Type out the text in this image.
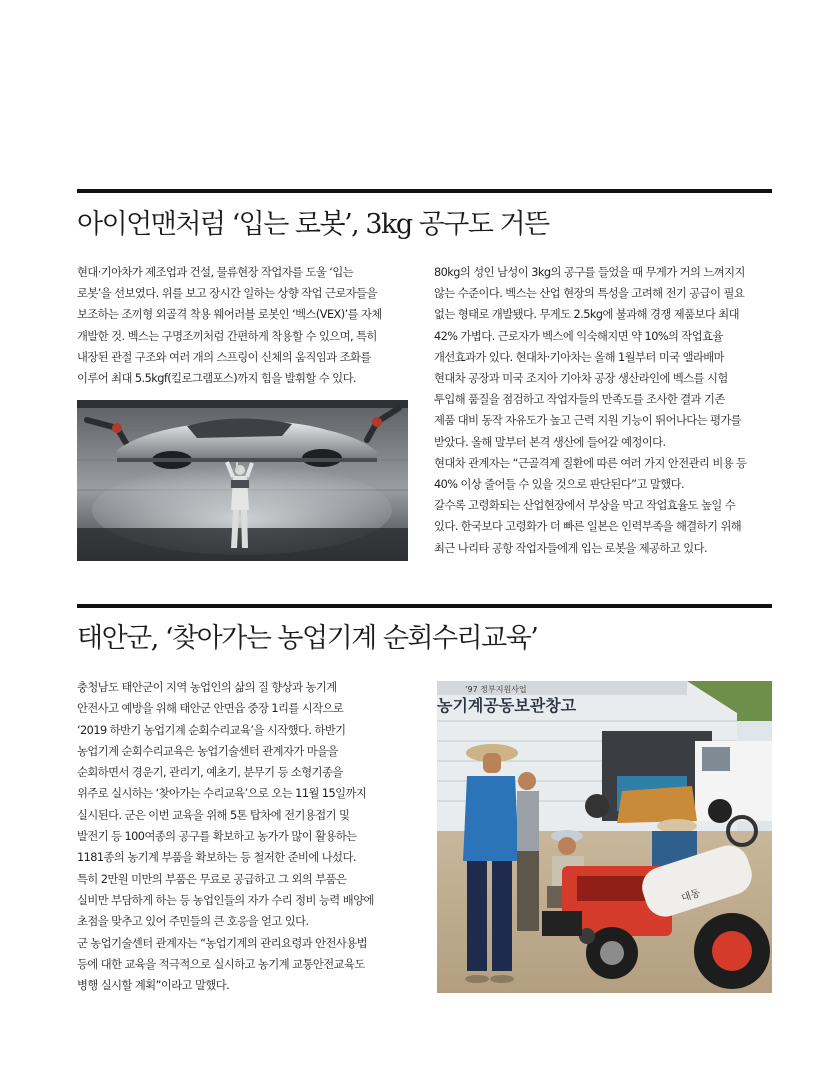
아이언맨처럼 ‘입는 로봇’, 3kg 공구도 거뜬

현대·기아차가 제조업과 건설, 물류현장 작업자를 도울 ‘입는

로봇’을 선보였다. 위를 보고 장시간 일하는 상향 작업 근로자들을

보조하는 조끼형 외골격 착용 웨어러블 로봇인 ‘벡스(VEX)’를 자체

개발한 것. 벡스는 구명조끼처럼 간편하게 착용할 수 있으며, 특히

내장된 관절 구조와 여러 개의 스프링이 신체의 움직임과 조화를

이루어 최대 5.5kgf(킬로그램포스)까지 힘을 발휘할 수 있다.

80kg의 성인 남성이 3kg의 공구를 들었을 때 무게가 거의 느껴지지

않는 수준이다. 벡스는 산업 현장의 특성을 고려해 전기 공급이 필요

없는 형태로 개발됐다. 무게도 2.5kg에 불과해 경쟁 제품보다 최대

42% 가볍다. 근로자가 벡스에 익숙해지면 약 10%의 작업효율

개선효과가 있다. 현대차·기아차는 올해 1월부터 미국 앨라배마

현대차 공장과 미국 조지아 기아차 공장 생산라인에 벡스를 시험

투입해 품질을 점검하고 작업자들의 만족도를 조사한 결과 기존

제품 대비 동작 자유도가 높고 근력 지원 기능이 뛰어나다는 평가를

받았다. 올해 말부터 본격 생산에 들어갈 예정이다.

현대차 관계자는 “근골격계 질환에 따른 여러 가지 안전관리 비용 등

40% 이상 줄어들 수 있을 것으로 판단된다”고 말했다.

갈수록 고령화되는 산업현장에서 부상을 막고 작업효율도 높일 수

있다. 한국보다 고령화가 더 빠른 일본은 인력부족을 해결하기 위해

최근 나리타 공항 작업자들에게 입는 로봇을 제공하고 있다.

태안군, ‘찾아가는 농업기계 순회수리교육’

충청남도 태안군이 지역 농업인의 삶의 질 향상과 농기계

안전사고 예방을 위해 태안군 안면읍 중장 1리를 시작으로

‘2019 하반기 농업기계 순회수리교육’을 시작했다. 하반기

농업기계 순회수리교육은 농업기술센터 관계자가 마을을

순회하면서 경운기, 관리기, 예초기, 분무기 등 소형기종을

위주로 실시하는 ‘찾아가는 수리교육’으로 오는 11월 15일까지

실시된다. 군은 이번 교육을 위해 5톤 탑차에 전기용접기 및

발전기 등 100여종의 공구를 확보하고 농가가 많이 활용하는

1181종의 농기계 부품을 확보하는 등 철저한 준비에 나섰다.

특히 2만원 미만의 부품은 무료로 공급하고 그 외의 부품은

실비만 부담하게 하는 등 농업인들의 자가 수리 정비 능력 배양에

초점을 맞추고 있어 주민들의 큰 호응을 얻고 있다.

군 농업기술센터 관계자는 “농업기계의 관리요령과 안전사용법

등에 대한 교육을 적극적으로 실시하고 농기계 교통안전교육도

병행 실시할 계획”이라고 말했다.

’97 정부지원사업
농기계공동보관창고
대동
